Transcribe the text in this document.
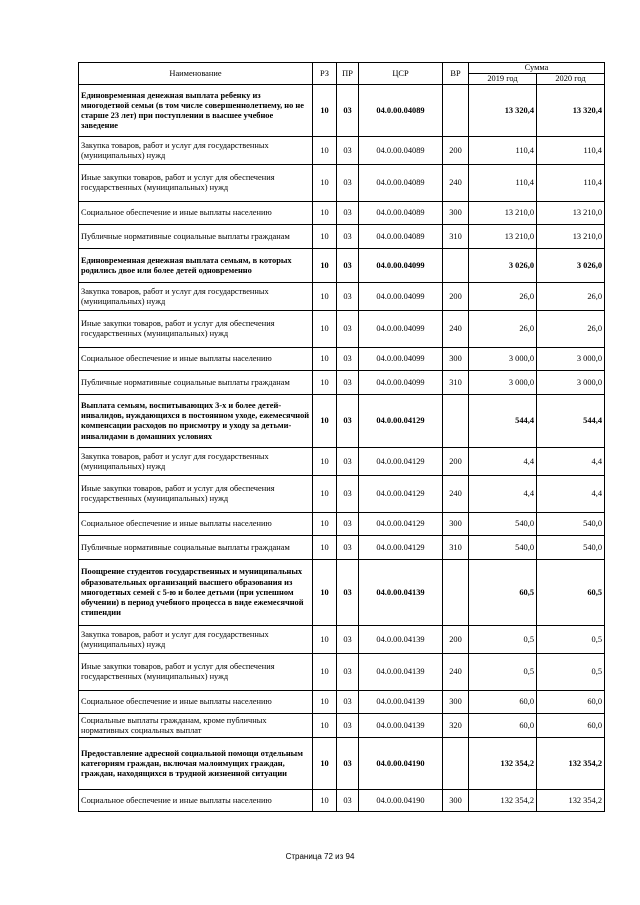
Наименование	РЗ	ПР	ЦСР	ВР	Сумма	
					2019 год	2020 год
Единовременная денежная выплата ребенку из многодетной семьи (в том числе совершеннолетнему, но не старше 23 лет) при поступлении в высшее учебное заведение	10	03	04.0.00.04089		13 320,4	13 320,4
Закупка товаров, работ и услуг для государственных (муниципальных) нужд	10	03	04.0.00.04089	200	110,4	110,4
Иные закупки товаров, работ и услуг для обеспечения государственных (муниципальных) нужд	10	03	04.0.00.04089	240	110,4	110,4
Социальное обеспечение и иные выплаты населению	10	03	04.0.00.04089	300	13 210,0	13 210,0
Публичные нормативные социальные выплаты гражданам	10	03	04.0.00.04089	310	13 210,0	13 210,0
Единовременная денежная выплата семьям, в которых родились двое или более детей одновременно	10	03	04.0.00.04099		3 026,0	3 026,0
Закупка товаров, работ и услуг для государственных (муниципальных) нужд	10	03	04.0.00.04099	200	26,0	26,0
Иные закупки товаров, работ и услуг для обеспечения государственных (муниципальных) нужд	10	03	04.0.00.04099	240	26,0	26,0
Социальное обеспечение и иные выплаты населению	10	03	04.0.00.04099	300	3 000,0	3 000,0
Публичные нормативные социальные выплаты гражданам	10	03	04.0.00.04099	310	3 000,0	3 000,0
Выплата семьям, воспитывающих 3-х и более детей-инвалидов, нуждающихся в постоянном уходе, ежемесячной компенсации расходов по присмотру и уходу за детьми-инвалидами в домашних условиях	10	03	04.0.00.04129		544,4	544,4
Закупка товаров, работ и услуг для государственных (муниципальных) нужд	10	03	04.0.00.04129	200	4,4	4,4
Иные закупки товаров, работ и услуг для обеспечения государственных (муниципальных) нужд	10	03	04.0.00.04129	240	4,4	4,4
Социальное обеспечение и иные выплаты населению	10	03	04.0.00.04129	300	540,0	540,0
Публичные нормативные социальные выплаты гражданам	10	03	04.0.00.04129	310	540,0	540,0
Поощрение студентов государственных и муниципальных образовательных организаций высшего образования из многодетных семей с 5-ю и более детьми (при успешном обучении) в период учебного процесса в виде ежемесячной стипендии	10	03	04.0.00.04139		60,5	60,5
Закупка товаров, работ и услуг для государственных (муниципальных) нужд	10	03	04.0.00.04139	200	0,5	0,5
Иные закупки товаров, работ и услуг для обеспечения государственных (муниципальных) нужд	10	03	04.0.00.04139	240	0,5	0,5
Социальное обеспечение и иные выплаты населению	10	03	04.0.00.04139	300	60,0	60,0
Социальные выплаты гражданам, кроме публичных нормативных социальных выплат	10	03	04.0.00.04139	320	60,0	60,0
Предоставление адресной социальной помощи отдельным категориям граждан, включая малоимущих граждан, граждан, находящихся в трудной жизненной ситуации	10	03	04.0.00.04190		132 354,2	132 354,2
Социальное обеспечение и иные выплаты населению	10	03	04.0.00.04190	300	132 354,2	132 354,2
Страница 72 из 94
